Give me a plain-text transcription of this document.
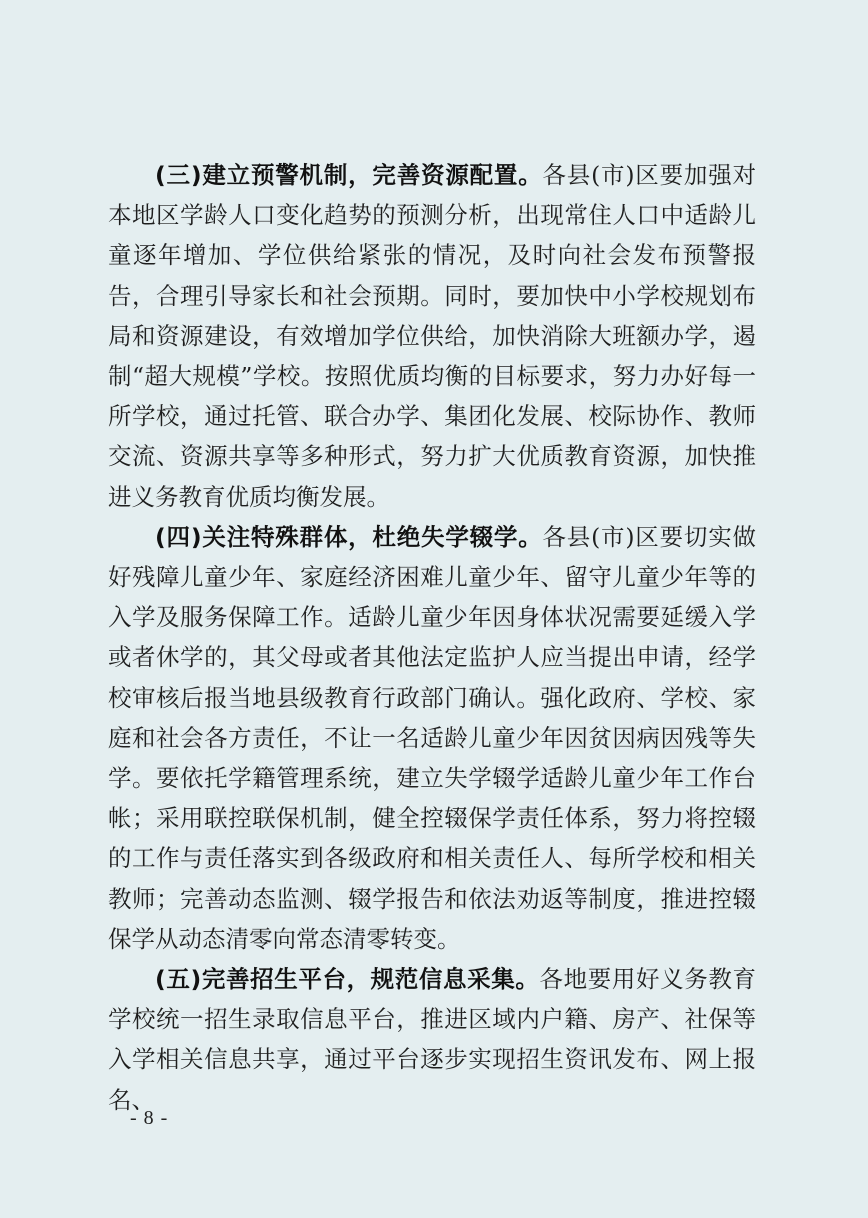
(三)建立预警机制，完善资源配置。各县(市)区要加强对本地区学龄人口变化趋势的预测分析，出现常住人口中适龄儿童逐年增加、学位供给紧张的情况，及时向社会发布预警报告，合理引导家长和社会预期。同时，要加快中小学校规划布局和资源建设，有效增加学位供给，加快消除大班额办学，遏制“超大规模”学校。按照优质均衡的目标要求，努力办好每一所学校，通过托管、联合办学、集团化发展、校际协作、教师交流、资源共享等多种形式，努力扩大优质教育资源，加快推进义务教育优质均衡发展。

(四)关注特殊群体，杜绝失学辍学。各县(市)区要切实做好残障儿童少年、家庭经济困难儿童少年、留守儿童少年等的入学及服务保障工作。适龄儿童少年因身体状况需要延缓入学或者休学的，其父母或者其他法定监护人应当提出申请，经学校审核后报当地县级教育行政部门确认。强化政府、学校、家庭和社会各方责任，不让一名适龄儿童少年因贫因病因残等失学。要依托学籍管理系统，建立失学辍学适龄儿童少年工作台帐；采用联控联保机制，健全控辍保学责任体系，努力将控辍的工作与责任落实到各级政府和相关责任人、每所学校和相关教师；完善动态监测、辍学报告和依法劝返等制度，推进控辍保学从动态清零向常态清零转变。

(五)完善招生平台，规范信息采集。各地要用好义务教育学校统一招生录取信息平台，推进区域内户籍、房产、社保等入学相关信息共享，通过平台逐步实现招生资讯发布、网上报名、

- 8 -
